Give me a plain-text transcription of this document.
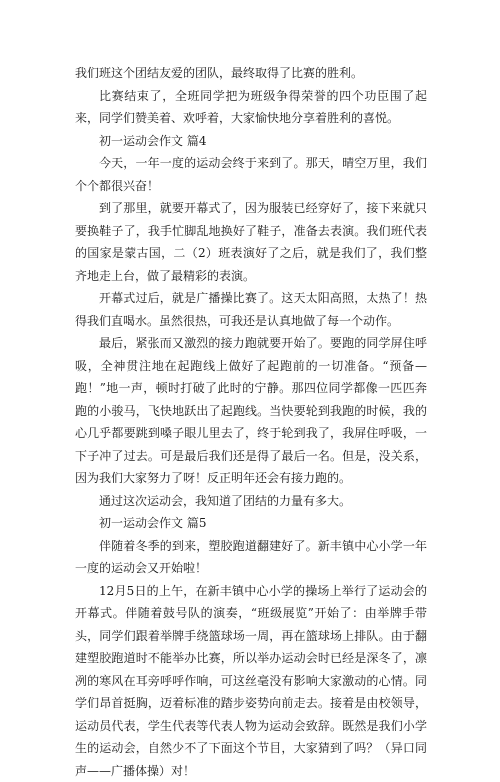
我们班这个团结友爱的团队，最终取得了比赛的胜利。

比赛结束了，全班同学把为班级争得荣誉的四个功臣围了起来，同学们赞美着、欢呼着，大家愉快地分享着胜利的喜悦。

初一运动会作文 篇4

今天，一年一度的运动会终于来到了。那天，晴空万里，我们个个都很兴奋！

到了那里，就要开幕式了，因为服装已经穿好了，接下来就只要换鞋子了，我手忙脚乱地换好了鞋子，准备去表演。我们班代表的国家是蒙古国，二（2）班表演好了之后，就是我们了，我们整齐地走上台，做了最精彩的表演。

开幕式过后，就是广播操比赛了。这天太阳高照，太热了！热得我们直喝水。虽然很热，可我还是认真地做了每一个动作。

最后，紧张而又激烈的接力跑就要开始了。要跑的同学屏住呼吸，全神贯注地在起跑线上做好了起跑前的一切准备。“预备—跑！”地一声，顿时打破了此时的宁静。那四位同学都像一匹匹奔跑的小骏马，飞快地跃出了起跑线。当快要轮到我跑的时候，我的心几乎都要跳到嗓子眼儿里去了，终于轮到我了，我屏住呼吸，一下子冲了过去。可是最后我们还是得了最后一名。但是，没关系，因为我们大家努力了呀！反正明年还会有接力跑的。

通过这次运动会，我知道了团结的力量有多大。

初一运动会作文 篇5

伴随着冬季的到来，塑胶跑道翻建好了。新丰镇中心小学一年一度的运动会又开始啦！

12月5日的上午，在新丰镇中心小学的操场上举行了运动会的开幕式。伴随着鼓号队的演奏，“班级展览”开始了：由举牌手带头，同学们跟着举牌手绕篮球场一周，再在篮球场上排队。由于翻建塑胶跑道时不能举办比赛，所以举办运动会时已经是深冬了，凛冽的寒风在耳旁呼呼作响，可这丝毫没有影响大家激动的心情。同学们昂首挺胸，迈着标准的踏步姿势向前走去。接着是由校领导，运动员代表，学生代表等代表人物为运动会致辞。既然是我们小学生的运动会，自然少不了下面这个节目，大家猜到了吗？（异口同声——广播体操）对！
